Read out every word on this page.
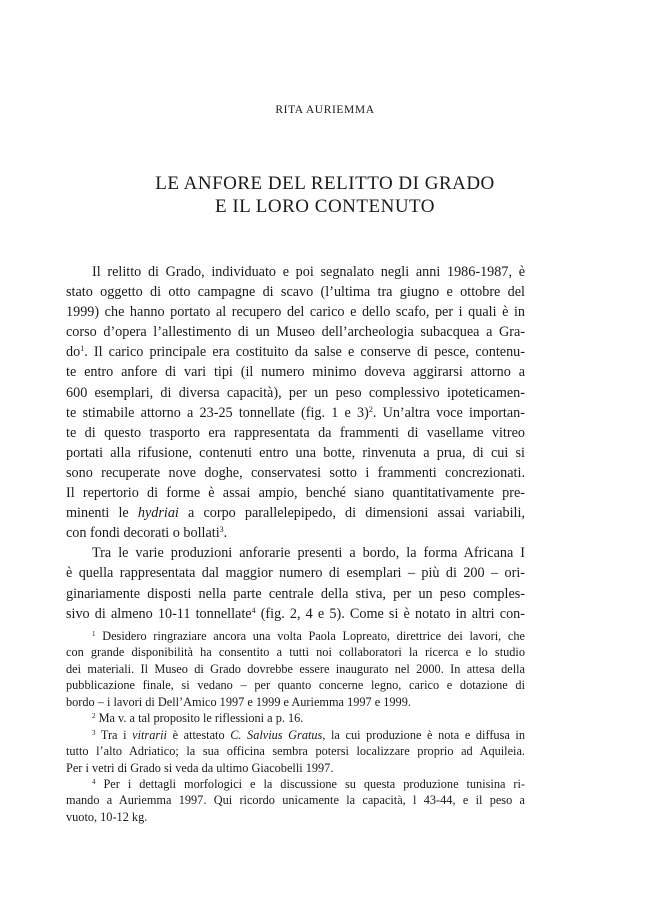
RITA AURIEMMA
LE ANFORE DEL RELITTO DI GRADO
E IL LORO CONTENUTO
Il relitto di Grado, individuato e poi segnalato negli anni 1986-1987, è
stato oggetto di otto campagne di scavo (l’ultima tra giugno e ottobre del
1999) che hanno portato al recupero del carico e dello scafo, per i quali è in
corso d’opera l’allestimento di un Museo dell’archeologia subacquea a Gra-
$do^1$. Il carico principale era costituito da salse e conserve di pesce, contenu-
te entro anfore di vari tipi (il numero minimo doveva aggirarsi attorno a
600 esemplari, di diversa capacità), per un peso complessivo ipoteticamen-
te stimabile attorno a 23-25 tonnellate (fig. 1 e 3)$^2$. Un’altra voce importan-
te di questo trasporto era rappresentata da frammenti di vasellame vitreo
portati alla rifusione, contenuti entro una botte, rinvenuta a prua, di cui si
sono recuperate nove doghe, conservatesi sotto i frammenti concrezionati.
Il repertorio di forme è assai ampio, benché siano quantitativamente pre-
minenti le hydriai a corpo parallelepipedo, di dimensioni assai variabili,
con fondi decorati o bollati$^3$.
Tra le varie produzioni anforarie presenti a bordo, la forma Africana I
è quella rappresentata dal maggior numero di esemplari – più di 200 – ori-
ginariamente disposti nella parte centrale della stiva, per un peso comples-
sivo di almeno 10-11 tonnellate$^4$ (fig. 2, 4 e 5). Come si è notato in altri con-
$^1$ Desidero ringraziare ancora una volta Paola Lopreato, direttrice dei lavori, che
con grande disponibilità ha consentito a tutti noi collaboratori la ricerca e lo studio
dei materiali. Il Museo di Grado dovrebbe essere inaugurato nel 2000. In attesa della
pubblicazione finale, si vedano – per quanto concerne legno, carico e dotazione di
bordo – i lavori di Dell’Amico 1997 e 1999 e Auriemma 1997 e 1999.
$^2$ Ma v. a tal proposito le riflessioni a p. 16.
$^3$ Tra i vitrarii è attestato C. Salvius Gratus, la cui produzione è nota e diffusa in
tutto l’alto Adriatico; la sua officina sembra potersi localizzare proprio ad Aquileia.
Per i vetri di Grado si veda da ultimo Giacobelli 1997.
$^4$ Per i dettagli morfologici e la discussione su questa produzione tunisina ri-
mando a Auriemma 1997. Qui ricordo unicamente la capacità, l 43-44, e il peso a
vuoto, 10-12 kg.
